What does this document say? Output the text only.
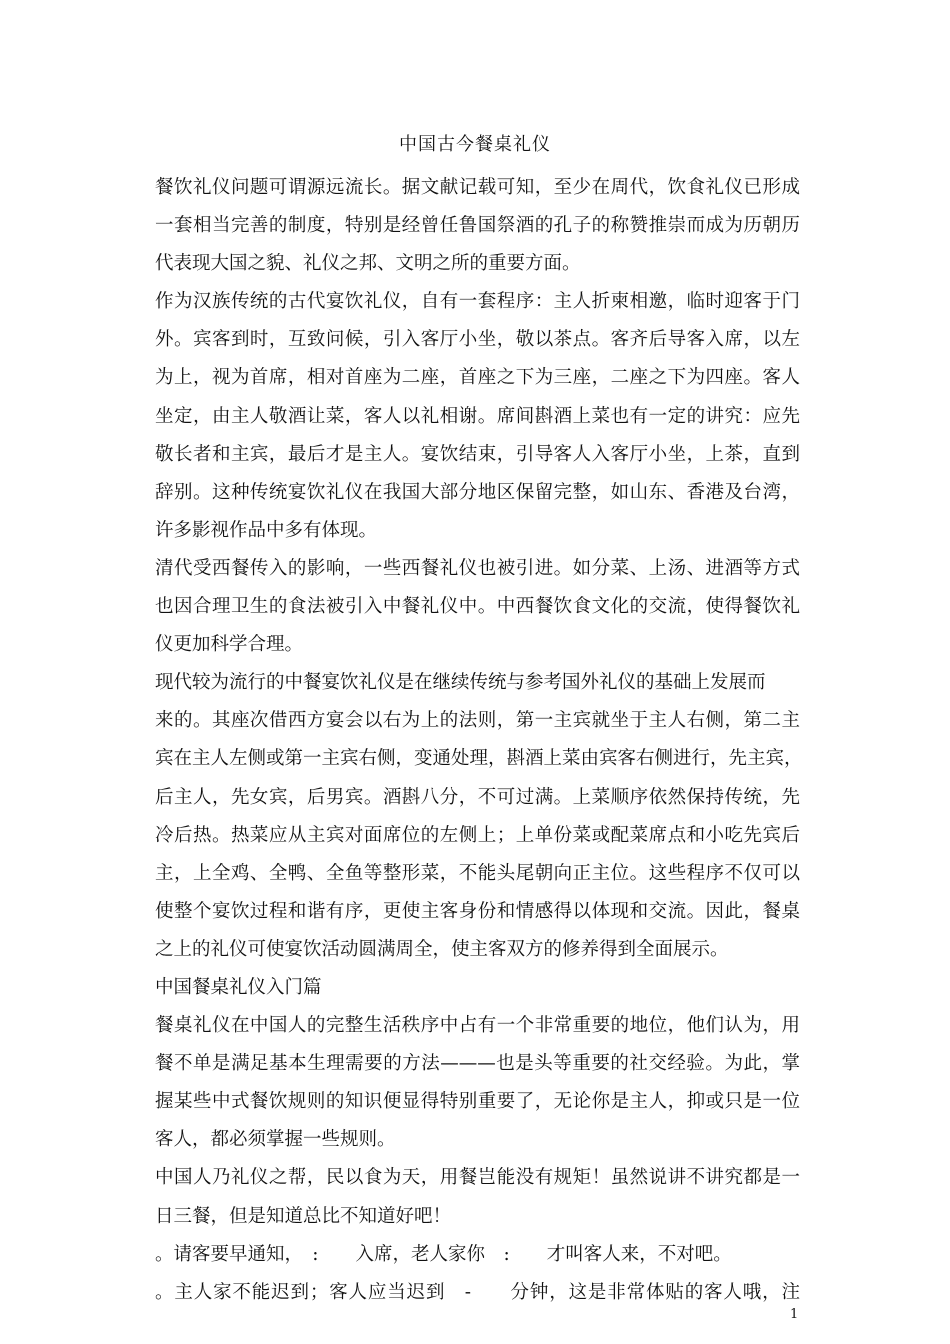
中国古今餐桌礼仪
餐饮礼仪问题可谓源远流长。据文献记载可知，至少在周代，饮食礼仪已形成
一套相当完善的制度，特别是经曾任鲁国祭酒的孔子的称赞推崇而成为历朝历
代表现大国之貌、礼仪之邦、文明之所的重要方面。
作为汉族传统的古代宴饮礼仪，自有一套程序：主人折柬相邀，临时迎客于门
外。宾客到时，互致问候，引入客厅小坐，敬以茶点。客齐后导客入席，以左
为上，视为首席，相对首座为二座，首座之下为三座，二座之下为四座。客人
坐定，由主人敬酒让菜，客人以礼相谢。席间斟酒上菜也有一定的讲究：应先
敬长者和主宾，最后才是主人。宴饮结束，引导客人入客厅小坐，上茶，直到
辞别。这种传统宴饮礼仪在我国大部分地区保留完整，如山东、香港及台湾，
许多影视作品中多有体现。
清代受西餐传入的影响，一些西餐礼仪也被引进。如分菜、上汤、进酒等方式
也因合理卫生的食法被引入中餐礼仪中。中西餐饮食文化的交流，使得餐饮礼
仪更加科学合理。
现代较为流行的中餐宴饮礼仪是在继续传统与参考国外礼仪的基础上发展而
来的。其座次借西方宴会以右为上的法则，第一主宾就坐于主人右侧，第二主
宾在主人左侧或第一主宾右侧，变通处理，斟酒上菜由宾客右侧进行，先主宾，
后主人，先女宾，后男宾。酒斟八分，不可过满。上菜顺序依然保持传统，先
冷后热。热菜应从主宾对面席位的左侧上；上单份菜或配菜席点和小吃先宾后
主，上全鸡、全鸭、全鱼等整形菜，不能头尾朝向正主位。这些程序不仅可以
使整个宴饮过程和谐有序，更使主客身份和情感得以体现和交流。因此，餐桌
之上的礼仪可使宴饮活动圆满周全，使主客双方的修养得到全面展示。
中国餐桌礼仪入门篇
餐桌礼仪在中国人的完整生活秩序中占有一个非常重要的地位，他们认为，用
餐不单是满足基本生理需要的方法———也是头等重要的社交经验。为此，掌
握某些中式餐饮规则的知识便显得特别重要了，无论你是主人，抑或只是一位
客人，都必须掌握一些规则。
中国人乃礼仪之帮，民以食为天，用餐岂能没有规矩！虽然说讲不讲究都是一
日三餐，但是知道总比不知道好吧！
。请客要早通知，　:　　入席，老人家你　:　　才叫客人来，不对吧。
。主人家不能迟到；客人应当迟到　-　　分钟，这是非常体贴的客人哦，注
1
